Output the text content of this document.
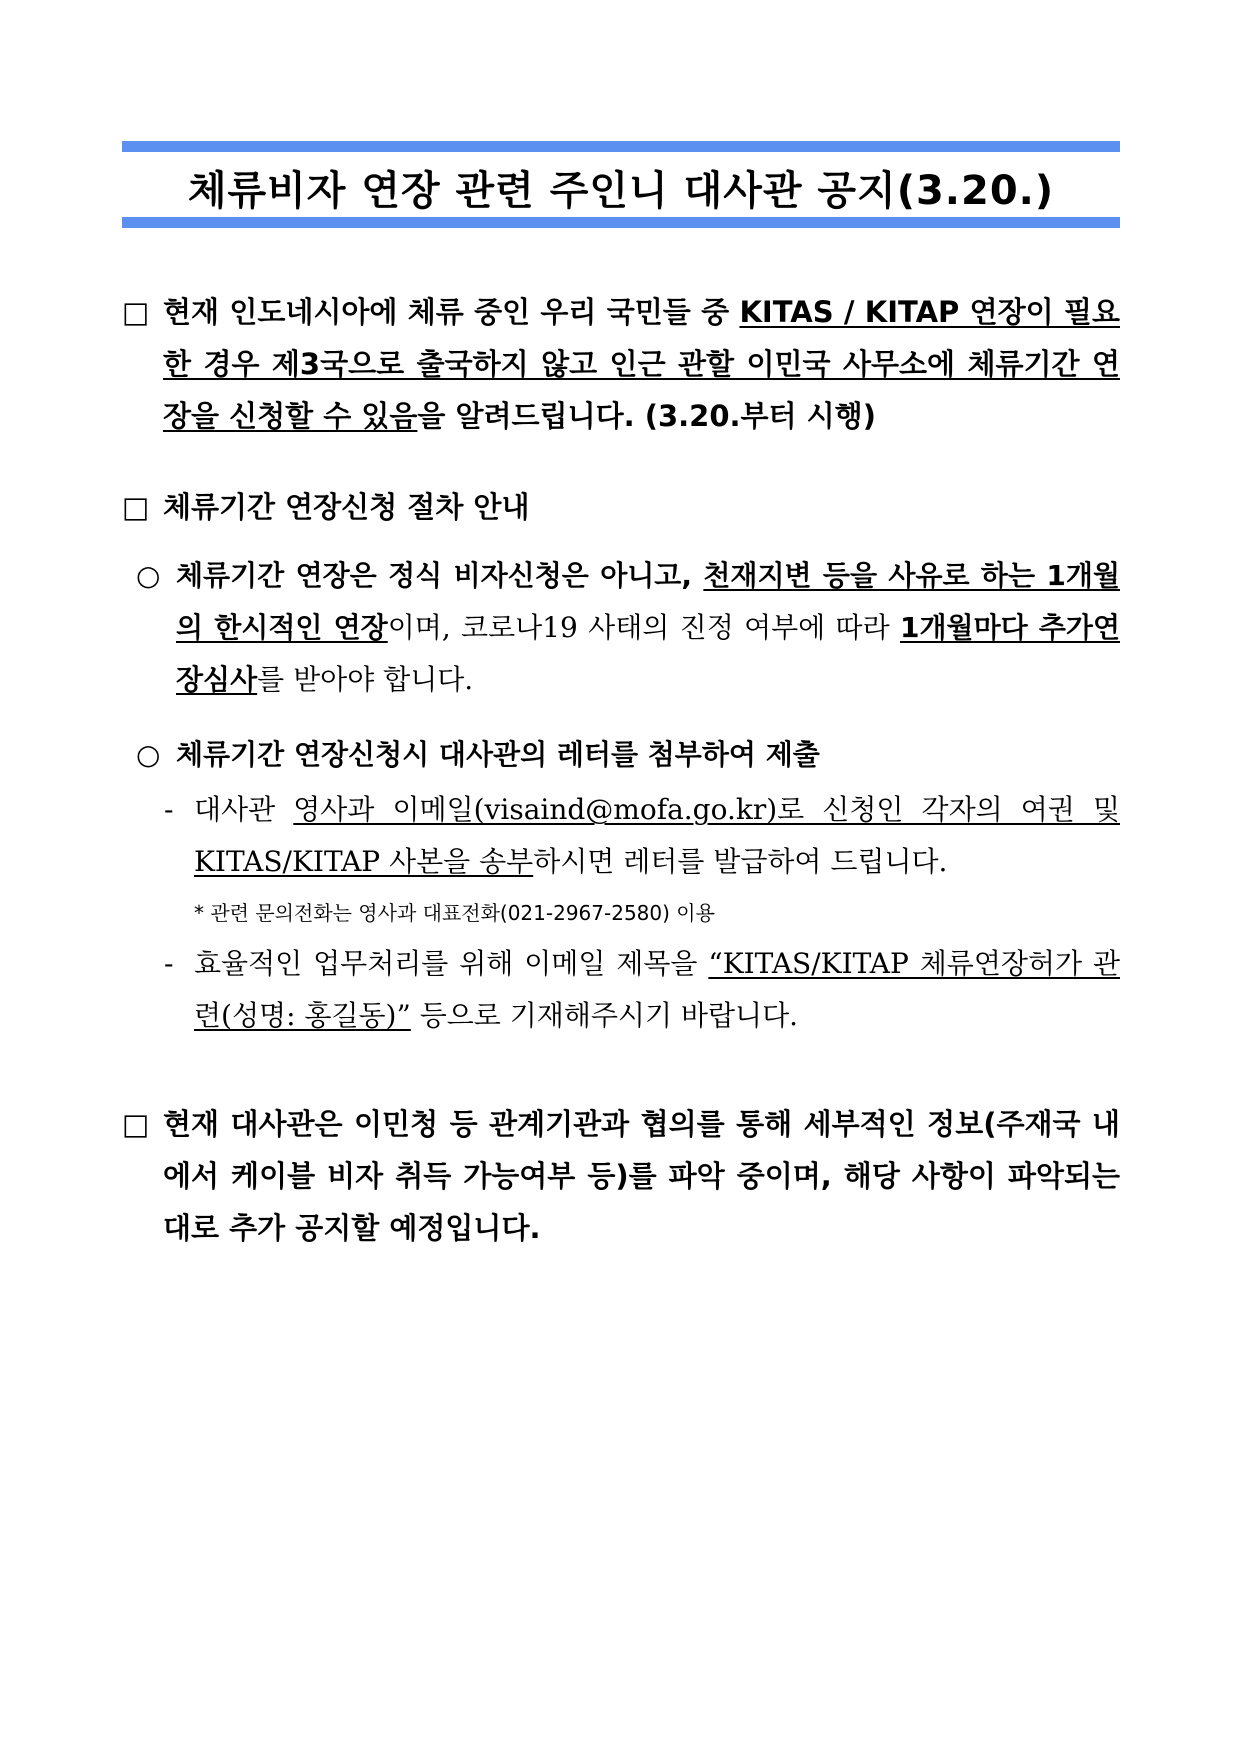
체류비자 연장 관련 주인니 대사관 공지(3.20.)
□ 현재 인도네시아에 체류 중인 우리 국민들 중 KITAS / KITAP 연장이 필요한 경우 제3국으로 출국하지 않고 인근 관할 이민국 사무소에 체류기간 연장을 신청할 수 있음을 알려드립니다. (3.20.부터 시행)
□ 체류기간 연장신청 절차 안내
○ 체류기간 연장은 정식 비자신청은 아니고, 천재지변 등을 사유로 하는 1개월의 한시적인 연장이며, 코로나19 사태의 진정 여부에 따라 1개월마다 추가연장심사를 받아야 합니다.
○ 체류기간 연장신청시 대사관의 레터를 첨부하여 제출
- 대사관 영사과 이메일(visaind@mofa.go.kr)로 신청인 각자의 여권 및 KITAS/KITAP 사본을 송부하시면 레터를 발급하여 드립니다.
* 관련 문의전화는 영사과 대표전화(021-2967-2580) 이용
- 효율적인 업무처리를 위해 이메일 제목을 “KITAS/KITAP 체류연장허가 관련(성명: 홍길동)” 등으로 기재해주시기 바랍니다.
□ 현재 대사관은 이민청 등 관계기관과 협의를 통해 세부적인 정보(주재국 내에서 케이블 비자 취득 가능여부 등)를 파악 중이며, 해당 사항이 파악되는 대로 추가 공지할 예정입니다.
